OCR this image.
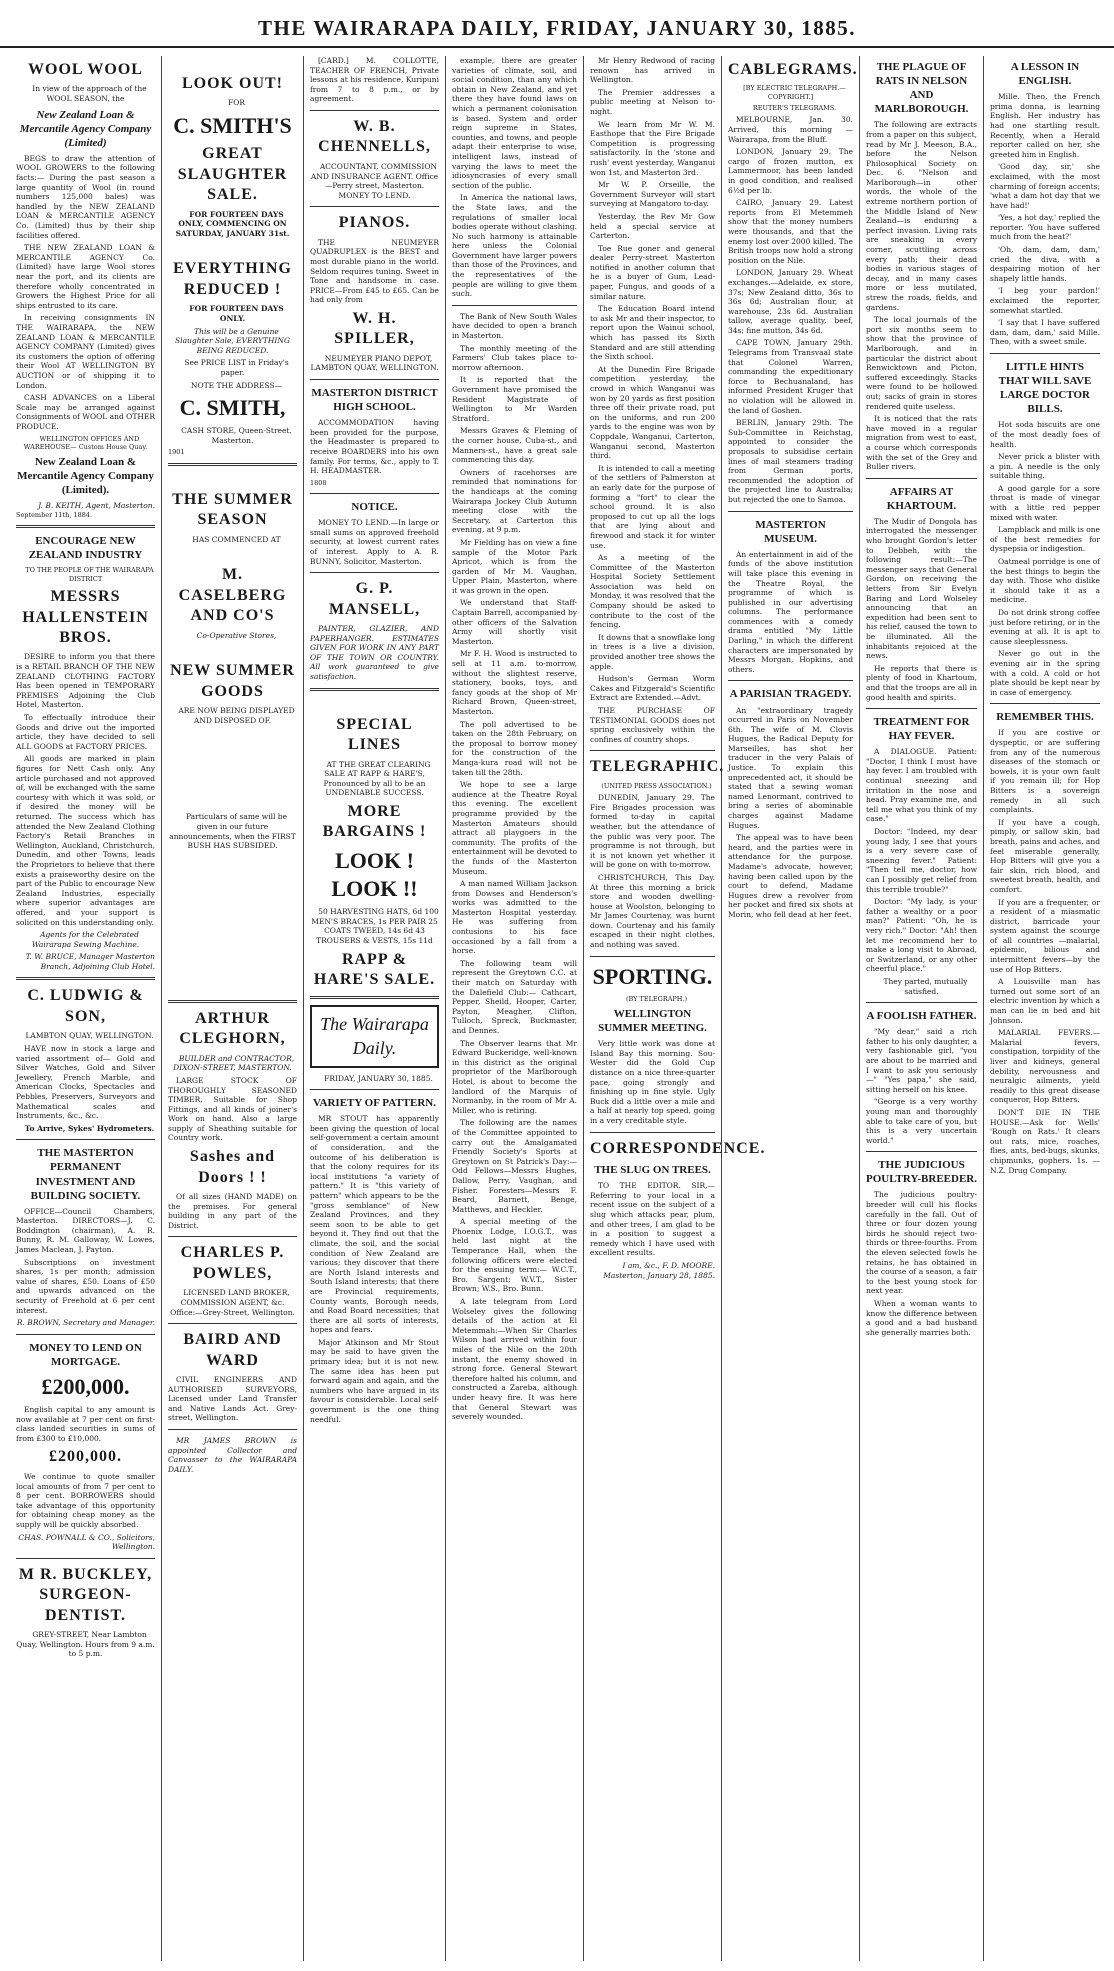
THE WAIRARAPA DAILY, FRIDAY, JANUARY 30, 1885.
WOOL WOOL

In view of the approach of the WOOL SEASON, the

New Zealand Loan & Mercantile Agency Company (Limited)

BEGS to draw the attention of WOOL GROWERS to the following facts:— During the past season a large quantity of Wool (in round numbers 125,000 bales) was handled by the NEW ZEALAND LOAN & MERCANTILE AGENCY Co. (Limited) thus by their ship facilities offered.

THE NEW ZEALAND LOAN & MERCANTILE AGENCY Co. (Limited) have large Wool stores near the port, and its clients are therefore wholly concentrated in Growers the Highest Price for all ships entrusted to its care.

In receiving consignments IN THE WAIRARAPA, the NEW ZEALAND LOAN & MERCANTILE AGENCY COMPANY (Limited) gives its customers the option of offering their Wool AT WELLINGTON BY AUCTION or of shipping it to London.

CASH ADVANCES on a Liberal Scale may be arranged against Consignments of WOOL and OTHER PRODUCE.

WELLINGTON OFFICES AND WAREHOUSE— Custom House Quay.

New Zealand Loan & Mercantile Agency Company (Limited).
J. B. KEITH, Agent, Masterton.
September 11th, 1884.
ENCOURAGE NEW ZEALAND INDUSTRY

TO THE PEOPLE OF THE WAIRARAPA DISTRICT

MESSRS HALLENSTEIN BROS.

DESIRE to inform you that there is a RETAIL BRANCH OF THE NEW ZEALAND CLOTHING FACTORY Has been opened in TEMPORARY PREMISES Adjoining the Club Hotel, Masterton.

To effectually introduce their Goods and drive out the imported article, they have decided to sell ALL GOODS at FACTORY PRICES.

All goods are marked in plain figures for Nett Cash only. Any article purchased and not approved of, will be exchanged with the same courtesy with which it was sold, or if desired the money will be returned. The success which has attended the New Zealand Clothing Factory's Retail Branches in Wellington, Auckland, Christchurch, Dunedin, and other Towns, leads the Proprietors to believe that there exists a praiseworthy desire on the part of the Public to encourage New Zealand Industries, especially where superior advantages are offered, and your support is solicited on this understanding only.

Agents for the Celebrated Wairarapa Sewing Machine.

T. W. BRUCE, Manager Masterton Branch, Adjoining Club Hotel.
C. LUDWIG & SON,

LAMBTON QUAY, WELLINGTON.

HAVE now in stock a large and varied assortment of— Gold and Silver Watches, Gold and Silver Jewellery, French Marble, and American Clocks, Spectacles and Pebbles, Preservers, Surveyors and Mathematical scales and Instruments, &c., &c.

To Arrive, Sykes' Hydrometers.

THE MASTERTON PERMANENT INVESTMENT AND BUILDING SOCIETY.

OFFICE—Council Chambers, Masterton. DIRECTORS—J. C. Boddington (chairman), A. R. Bunny, R. M. Galloway, W. Lowes, James Maclean, J. Payton.

Subscriptions on investment shares, 1s per month; admission value of shares, £50. Loans of £50 and upwards advanced on the security of Freehold at 6 per cent interest.

R. BROWN, Secretary and Manager.
MONEY TO LEND ON MORTGAGE.
£200,000.

English capital to any amount is now available at 7 per cent on first-class landed securities in sums of from £300 to £10,000.

£200,000.

We continue to quote smaller local amounts of from 7 per cent to 8 per cent. BORROWERS should take advantage of this opportunity for obtaining cheap money as the supply will be quickly absorbed.

CHAS. POWNALL & CO., Solicitors, Wellington.
M R. BUCKLEY, SURGEON-DENTIST.

GREY-STREET, Near Lambton Quay, Wellington. Hours from 9 a.m. to 5 p.m.

LOOK OUT!

FOR

C. SMITH'S
GREAT SLAUGHTER SALE.

FOR FOURTEEN DAYS ONLY, COMMENCING ON SATURDAY, JANUARY 31st.

EVERYTHING REDUCED !

FOR FOURTEEN DAYS ONLY.

This will be a Genuine Slaughter Sale, EVERYTHING BEING REDUCED.

See PRICE LIST in Friday's paper.

NOTE THE ADDRESS—

C. SMITH,

CASH STORE, Queen-Street, Masterton.

1901
THE SUMMER SEASON

HAS COMMENCED AT

M. CASELBERG AND CO'S

Co-Operative Stores,

NEW SUMMER GOODS

ARE NOW BEING DISPLAYED AND DISPOSED OF.

Particulars of same will be given in our future announcements, when the FIRST BUSH HAS SUBSIDED.

ARTHUR CLEGHORN,

BUILDER and CONTRACTOR, DIXON-STREET, MASTERTON.

LARGE STOCK OF THOROUGHLY SEASONED TIMBER, Suitable for Shop Fittings, and all kinds of joiner's Work on hand. Also a large supply of Sheathing suitable for Country work.

Sashes and Doors ! !

Of all sizes (HAND MADE) on the premises. For general building in any part of the District.

CHARLES P. POWLES,

LICENSED LAND BROKER, COMMISSION AGENT, &c. Office:—Grey-Street, Wellington.

BAIRD AND WARD

CIVIL ENGINEERS AND AUTHORISED SURVEYORS, Licensed under Land Transfer and Native Lands Act. Grey-street, Wellington.

MR JAMES BROWN is appointed Collector and Canvasser to the WAIRARAPA DAILY.

[CARD.] M. COLLOTTE, TEACHER OF FRENCH, Private lessons at his residence, Kuripuni from 7 to 8 p.m., or by agreement.

W. B. CHENNELLS,

ACCOUNTANT, COMMISSION AND INSURANCE AGENT. Office—Perry street, Masterton. MONEY TO LEND.

PIANOS.

THE NEUMEYER QUADRUPLEX is the BEST and most durable piano in the world. Seldom requires tuning. Sweet in Tone and handsome in case. PRICE—From £45 to £65. Can be had only from

W. H. SPILLER,

NEUMEYER PIANO DEPOT, LAMBTON QUAY, WELLINGTON.

MASTERTON DISTRICT HIGH SCHOOL.

ACCOMMODATION having been provided for the purpose, the Headmaster is prepared to receive BOARDERS into his own family. For terms, &c., apply to T. H. HEADMASTER.

1808
NOTICE.

MONEY TO LEND.—In large or small sums on approved freehold security, at lowest current rates of interest. Apply to A. R. BUNNY, Solicitor, Masterton.

G. P. MANSELL,

PAINTER, GLAZIER, AND PAPERHANGER. ESTIMATES GIVEN FOR WORK IN ANY PART OF THE TOWN OR COUNTRY. All work guaranteed to give satisfaction.

SPECIAL LINES

AT THE GREAT CLEARING SALE AT RAPP & HARE'S, Pronounced by all to be an UNDENIABLE SUCCESS.

MORE BARGAINS !
LOOK ! LOOK !!

50 HARVESTING HATS, 6d 100 MEN'S BRACES, 1s PER PAIR 25 COATS TWEED, 14s 6d 43 TROUSERS & VESTS, 15s 11d

RAPP & HARE'S SALE.
The Wairarapa Daily.

FRIDAY, JANUARY 30, 1885.

VARIETY OF PATTERN.

MR STOUT has apparently been giving the question of local self-government a certain amount of consideration, and the outcome of his deliberation is that the colony requires for its local institutions "a variety of pattern." It is "this variety of pattern" which appears to be the "gross semblance" of New Zealand Provinces, and they seem soon to be able to get beyond it. They find out that the climate, the soil, and the social condition of New Zealand are various; they discover that there are North Island interests and South Island interests; that there are Provincial requirements, County wants, Borough needs, and Road Board necessities; that there are all sorts of interests, hopes and fears.

Major Atkinson and Mr Stout may be said to have given the primary idea; but it is not new. The same idea has been put forward again and again, and the numbers who have argued in its favour is considerable. Local self-government is the one thing needful.

example, there are greater varieties of climate, soil, and social condition, than any which obtain in New Zealand, and yet there they have found laws on which a permanent colonisation is based. System and order reign supreme in States, counties, and towns, and people adapt their enterprise to wise, intelligent laws, instead of varying the laws to meet the idiosyncrasies of every small section of the public.

In America the national laws, the State laws, and the regulations of smaller local bodies operate without clashing. No such harmony is attainable here unless the Colonial Government have larger powers than those of the Provinces, and the representatives of the people are willing to give them such.

The Bank of New South Wales have decided to open a branch in Masterton.

The monthly meeting of the Farmers' Club takes place to-morrow afternoon.

It is reported that the Government have promised the Resident Magistrate of Wellington to Mr Warden Stratford.

Messrs Graves & Fleming of the corner house, Cuba-st., and Manners-st., have a great sale commencing this day.

Owners of racehorses are reminded that nominations for the handicaps at the coming Wairarapa Jockey Club Autumn meeting close with the Secretary, at Carterton this evening, at 9 p.m.

Mr Fielding has on view a fine sample of the Motor Park Apricot, which is from the garden of Mr M. Vaughan, Upper Plain, Masterton, where it was grown in the open.

We understand that Staff-Captain Barrell, accompanied by other officers of the Salvation Army will shortly visit Masterton.

Mr F. H. Wood is instructed to sell at 11 a.m. to-morrow, without the slightest reserve, stationery, books, toys, and fancy goods at the shop of Mr Richard Brown, Queen-street, Masterton.

The poll advertised to be taken on the 28th February, on the proposal to borrow money for the construction of the Manga-kura road will not be taken till the 28th.

We hope to see a large audience at the Theatre Royal this evening. The excellent programme provided by the Masterton Amateurs should attract all playgoers in the community. The profits of the entertainment will be devoted to the funds of the Masterton Museum.

A man named William Jackson from Dowses and Henderson's works was admitted to the Masterton Hospital yesterday. He was suffering from contusions to his face occasioned by a fall from a horse.

The following team will represent the Greytown C.C. at their match on Saturday with the Dalefield Club:— Cathcart, Pepper, Sheild, Hooper, Carter, Payton, Meagher, Clifton, Tulloch, Spreck, Buckmaster, and Dennes.

The Observer learns that Mr Edward Buckeridge, well-known in this district as the original proprietor of the Marlborough Hotel, is about to become the landlord of the Marquis of Normanby, in the room of Mr A. Miller, who is retiring.

The following are the names of the Committee appointed to carry out the Amalgamated Friendly Society's Sports at Greytown on St Patrick's Day:—Odd Fellows—Messrs Hughes, Dallow, Perry, Vaughan, and Fisher. Foresters—Messrs F. Beard, Barnett, Benge, Matthews, and Heckler.

A special meeting of the Phoenix Lodge, I.O.G.T., was held last night at the Temperance Hall, when the following officers were elected for the ensuing term:— W.C.T., Bro. Sargent; W.V.T., Sister Brown; W.S., Bro. Bunn.

A late telegram from Lord Wolseley gives the following details of the action at El Metemmah:—When Sir Charles Wilson had arrived within four miles of the Nile on the 20th instant, the enemy showed in strong force. General Stewart therefore halted his column, and constructed a Zareba, although under heavy fire. It was here that General Stewart was severely wounded.

Mr Henry Redwood of racing renown has arrived in Wellington.

The Premier addresses a public meeting at Nelson to-night.

We learn from Mr W. M. Easthope that the Fire Brigade Competition is progressing satisfactorily. In the 'stone and rush' event yesterday, Wanganui won 1st, and Masterton 3rd.

Mr W. P. Orseille, the Government Surveyor will start surveying at Mangatoro to-day.

Yesterday, the Rev Mr Gow held a special service at Carterton.

Toe Rue goner and general dealer Perry-street Masterton notified in another column that he is a buyer of Gum, Lead-paper, Fungus, and goods of a similar nature.

The Education Board intend to ask Mr and their inspector, to report upon the Wainui school, which has passed its Sixth Standard and are still attending the Sixth school.

At the Dunedin Fire Brigade competition yesterday, the crowd in which Wanganui was won by 20 yards as first position three off their private road, put on the uniforms, and run 200 yards to the engine was won by Coppdale, Wanganui, Carterton, Wanganui second, Masterton third.

It is intended to call a meeting of the settlers of Palmerston at an early date for the purpose of forming a "fort" to clear the school ground. It is also proposed to cut up all the logs that are lying about and firewood and stack it for winter use.

As a meeting of the Committee of the Masterton Hospital Society Settlement Association was held on Monday, it was resolved that the Company should be asked to contribute to the cost of the fencing.

It downs that a snowflake long in trees is a live a division, provided another tree shows the apple.

Hudson's German Worm Cakes and Fitzgerald's Scientific Extract are Extended.—Advt.

THE PURCHASE OF TESTIMONIAL GOODS does not spring exclusively within the confines of country shops.

TELEGRAPHIC.

(UNITED PRESS ASSOCIATION.)

DUNEDIN, January 29. The Fire Brigades procession was formed to-day in capital weather, but the attendance of the public was very poor. The programme is not through, but it is not known yet whether it will be gone on with to-morrow.

CHRISTCHURCH, This Day. At three this morning a brick store and wooden dwelling-house at Woolston, belonging to Mr James Courtenay, was burnt down. Courtenay and his family escaped in their night clothes, and nothing was saved.

SPORTING.

(BY TELEGRAPH.)

WELLINGTON SUMMER MEETING.

Very little work was done at Island Bay this morning. Sou-Wester did the Gold Cup distance on a nice three-quarter pace, going strongly and finishing up in fine style. Ugly Buck did a little over a mile and a half at nearly top speed, going in a very creditable style.

CORRESPONDENCE.
THE SLUG ON TREES.

TO THE EDITOR. SIR,—Referring to your local in a recent issue on the subject of a slug which attacks pear, plum, and other trees, I am glad to be in a position to suggest a remedy which I have used with excellent results.

I am, &c., F. D. MOORE. Masterton, January 28, 1885.
CABLEGRAMS.

[BY ELECTRIC TELEGRAPH.—COPYRIGHT.]

REUTER'S TELEGRAMS.

MELBOURNE, Jan. 30. Arrived, this morning — Wairarapa, from the Bluff.

LONDON, January 29. The cargo of frozen mutton, ex Lammermoor, has been landed in good condition, and realised 6½d per lb.

CAIRO, January 29. Latest reports from El Metemmeh show that the money numbers were thousands, and that the enemy lost over 2000 killed. The British troops now hold a strong position on the Nile.

LONDON, January 29. Wheat exchanges.—Adelaide, ex store, 37s; New Zealand ditto, 36s to 36s 6d; Australian flour, at warehouse, 23s 6d. Australian tallow, average quality, beef, 34s; fine mutton, 34s 6d.

CAPE TOWN, January 29th. Telegrams from Transvaal state that Colonel Warren, commanding the expeditionary force to Bechuanaland, has informed President Kruger that no violation will be allowed in the land of Goshen.

BERLIN, January 29th. The Sub-Committee in Reichstag, appointed to consider the proposals to subsidise certain lines of mail steamers trading from German ports, recommended the adoption of the projected line to Australia; but rejected the one to Samoa.

MASTERTON MUSEUM.

An entertainment in aid of the funds of the above institution will take place this evening in the Theatre Royal, the programme of which is published in our advertising columns. The performance commences with a comedy drama entitled "My Little Darling," in which the different characters are impersonated by Messrs Morgan, Hopkins, and others.

A PARISIAN TRAGEDY.

An "extraordinary tragedy occurred in Paris on November 6th. The wife of M. Clovis Hugues, the Radical Deputy for Marseilles, has shot her traducer in the very Palais of Justice. To explain this unprecedented act, it should be stated that a sewing woman named Lenormant, contrived to bring a series of abominable charges against Madame Hugues.

The appeal was to have been heard, and the parties were in attendance for the purpose. Madame's advocate, however, having been called upon by the court to defend, Madame Hugues drew a revolver from her pocket and fired six shots at Morin, who fell dead at her feet.

THE PLAGUE OF RATS IN NELSON AND MARLBOROUGH.

The following are extracts from a paper on this subject, read by Mr J. Meeson, B.A., before the Nelson Philosophical Society on Dec. 6. "Nelson and Marlborough—in other words, the whole of the extreme northern portion of the Middle Island of New Zealand—is enduring a perfect invasion. Living rats are sneaking in every corner, scuttling across every path; their dead bodies in various stages of decay, and in many cases more or less mutilated, strew the roads, fields, and gardens.

The local journals of the port six months seem to show that the province of Marlborough, and in particular the district about Renwicktown and Picton, suffered exceedingly. Stacks were found to be hollowed out; sacks of grain in stores rendered quite useless.

It is noticed that the rats have moved in a regular migration from west to east, a course which corresponds with the set of the Grey and Buller rivers.

AFFAIRS AT KHARTOUM.

The Mudir of Dongola has interrogated the messenger who brought Gordon's letter to Debbeh, with the following result:—The messenger says that General Gordon, on receiving the letters from Sir Evelyn Baring and Lord Wolseley announcing that an expedition had been sent to his relief, caused the town to be illuminated. All the inhabitants rejoiced at the news.

He reports that there is plenty of food in Khartoum, and that the troops are all in good health and spirits.

TREATMENT FOR HAY FEVER.

A DIALOGUE. Patient: "Doctor, I think I must have hay fever. I am troubled with continual sneezing and irritation in the nose and head. Pray examine me, and tell me what you think of my case."

Doctor: "Indeed, my dear young lady, I see that yours is a very severe case of sneezing fever." Patient: "Then tell me, doctor, how can I possibly get relief from this terrible trouble?"

Doctor: "My lady, is your father a wealthy or a poor man?" Patient: "Oh, he is very rich." Doctor: "Ah! then let me recommend her to make a long visit to Abroad, or Switzerland, or any other cheerful place."

They parted, mutually satisfied.

A FOOLISH FATHER.

"My dear," said a rich father to his only daughter, a very fashionable girl, "you are about to be married and I want to ask you seriously—" "Yes papa," she said, sitting herself on his knee.

"George is a very worthy young man and thoroughly able to take care of you, but this is a very uncertain world."

THE JUDICIOUS POULTRY-BREEDER.

The judicious poultry-breeder will cull his flocks carefully in the fall. Out of three or four dozen young birds he should reject two-thirds or three-fourths. From the eleven selected fowls he retains, he has obtained in the course of a season, a fair to the best young stock for next year.

When a woman wants to know the difference between a good and a bad husband she generally marries both.

A LESSON IN ENGLISH.

Mille. Theo, the French prima donna, is learning English. Her industry has had one startling result. Recently, when a Herald reporter called on her, she greeted him in English.

'Good day, sir,' she exclaimed, with the most charming of foreign accents; 'what a dam hot day that we have had!'

'Yes, a hot day,' replied the reporter. 'You have suffered much from the heat?'

'Oh, dam, dam, dam,' cried the diva, with a despairing motion of her shapely little hands.

'I beg your pardon!' exclaimed the reporter, somewhat startled.

'I say that I have suffered dam, dam, dam,' said Mille. Theo, with a sweet smile.

LITTLE HINTS THAT WILL SAVE LARGE DOCTOR BILLS.

Hot soda biscuits are one of the most deadly foes of health.

Never prick a blister with a pin. A needle is the only suitable thing.

A good gargle for a sore throat is made of vinegar with a little red pepper mixed with water.

Lampblack and milk is one of the best remedies for dyspepsia or indigestion.

Oatmeal porridge is one of the best things to begin the day with. Those who dislike it should take it as a medicine.

Do not drink strong coffee just before retiring, or in the evening at all. It is apt to cause sleeplessness.

Never go out in the evening air in the spring with a cold. A cold or hot plate should be kept near by in case of emergency.

REMEMBER THIS.

If you are costive or dyspeptic, or are suffering from any of the numerous diseases of the stomach or bowels, it is your own fault if you remain ill; for Hop Bitters is a sovereign remedy in all such complaints.

If you have a cough, pimply, or sallow skin, bad breath, pains and aches, and feel miserable generally, Hop Bitters will give you a fair skin, rich blood, and sweetest breath, health, and comfort.

If you are a frequenter, or a resident of a miasmatic district, barricade your system against the scourge of all countries —malarial, epidemic, bilious and intermittent fevers—by the use of Hop Bitters.

A Louisville man has turned out some sort of an electric invention by which a man can lie in bed and hit Johnson.

MALARIAL FEVERS.—Malarial fevers, constipation, torpidity of the liver and kidneys, general debility, nervousness and neuralgic ailments, yield readily to this great disease conqueror, Hop Bitters.

DON'T DIE IN THE HOUSE.—Ask for Wells' 'Rough on Rats.' It clears out rats, mice, roaches, flies, ants, bed-bugs, skunks, chipmunks, gophers. 1s. —N.Z. Drug Company.
